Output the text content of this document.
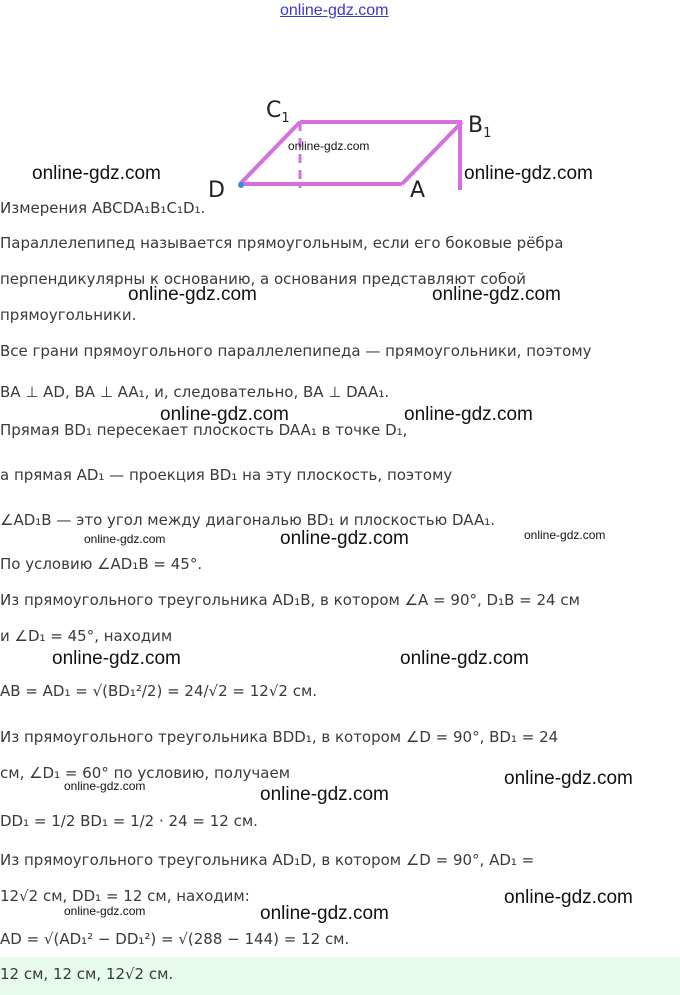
online-gdz.com
$C_1$	$B_1$
D	A
online-gdz.com
online-gdz.com	online-gdz.com
online-gdz.com	online-gdz.com
online-gdz.com	online-gdz.com
online-gdz.com	online-gdz.com	online-gdz.com
online-gdz.com	online-gdz.com
online-gdz.com	online-gdz.com
online-gdz.com
online-gdz.com	online-gdz.com
online-gdz.com
Измерения ABCDA₁B₁C₁D₁.
Параллелепипед называется прямоугольным, если его боковые рёбра
перпендикулярны к основанию, а основания представляют собой
прямоугольники.
Все грани прямоугольного параллелепипеда — прямоугольники, поэтому
BA ⊥ AD, BA ⊥ AA₁, и, следовательно, BA ⊥ DAA₁.
Прямая BD₁ пересекает плоскость DAA₁ в точке D₁,
а прямая AD₁ — проекция BD₁ на эту плоскость, поэтому
∠AD₁B — это угол между диагональю BD₁ и плоскостью DAA₁.
По условию ∠AD₁B = 45°.
Из прямоугольного треугольника AD₁B, в котором ∠A = 90°, D₁B = 24 см
и ∠D₁ = 45°, находим
AB = AD₁ = √(BD₁²/2) = 24/√2 = 12√2 см.
Из прямоугольного треугольника BDD₁, в котором ∠D = 90°, BD₁ = 24
см, ∠D₁ = 60° по условию, получаем
DD₁ = 1/2 BD₁ = 1/2 · 24 = 12 см.
Из прямоугольного треугольника AD₁D, в котором ∠D = 90°, AD₁ =
12√2 см, DD₁ = 12 см, находим:
AD = √(AD₁² − DD₁²) = √(288 − 144) = 12 см.
12 см, 12 см, 12√2 см.
